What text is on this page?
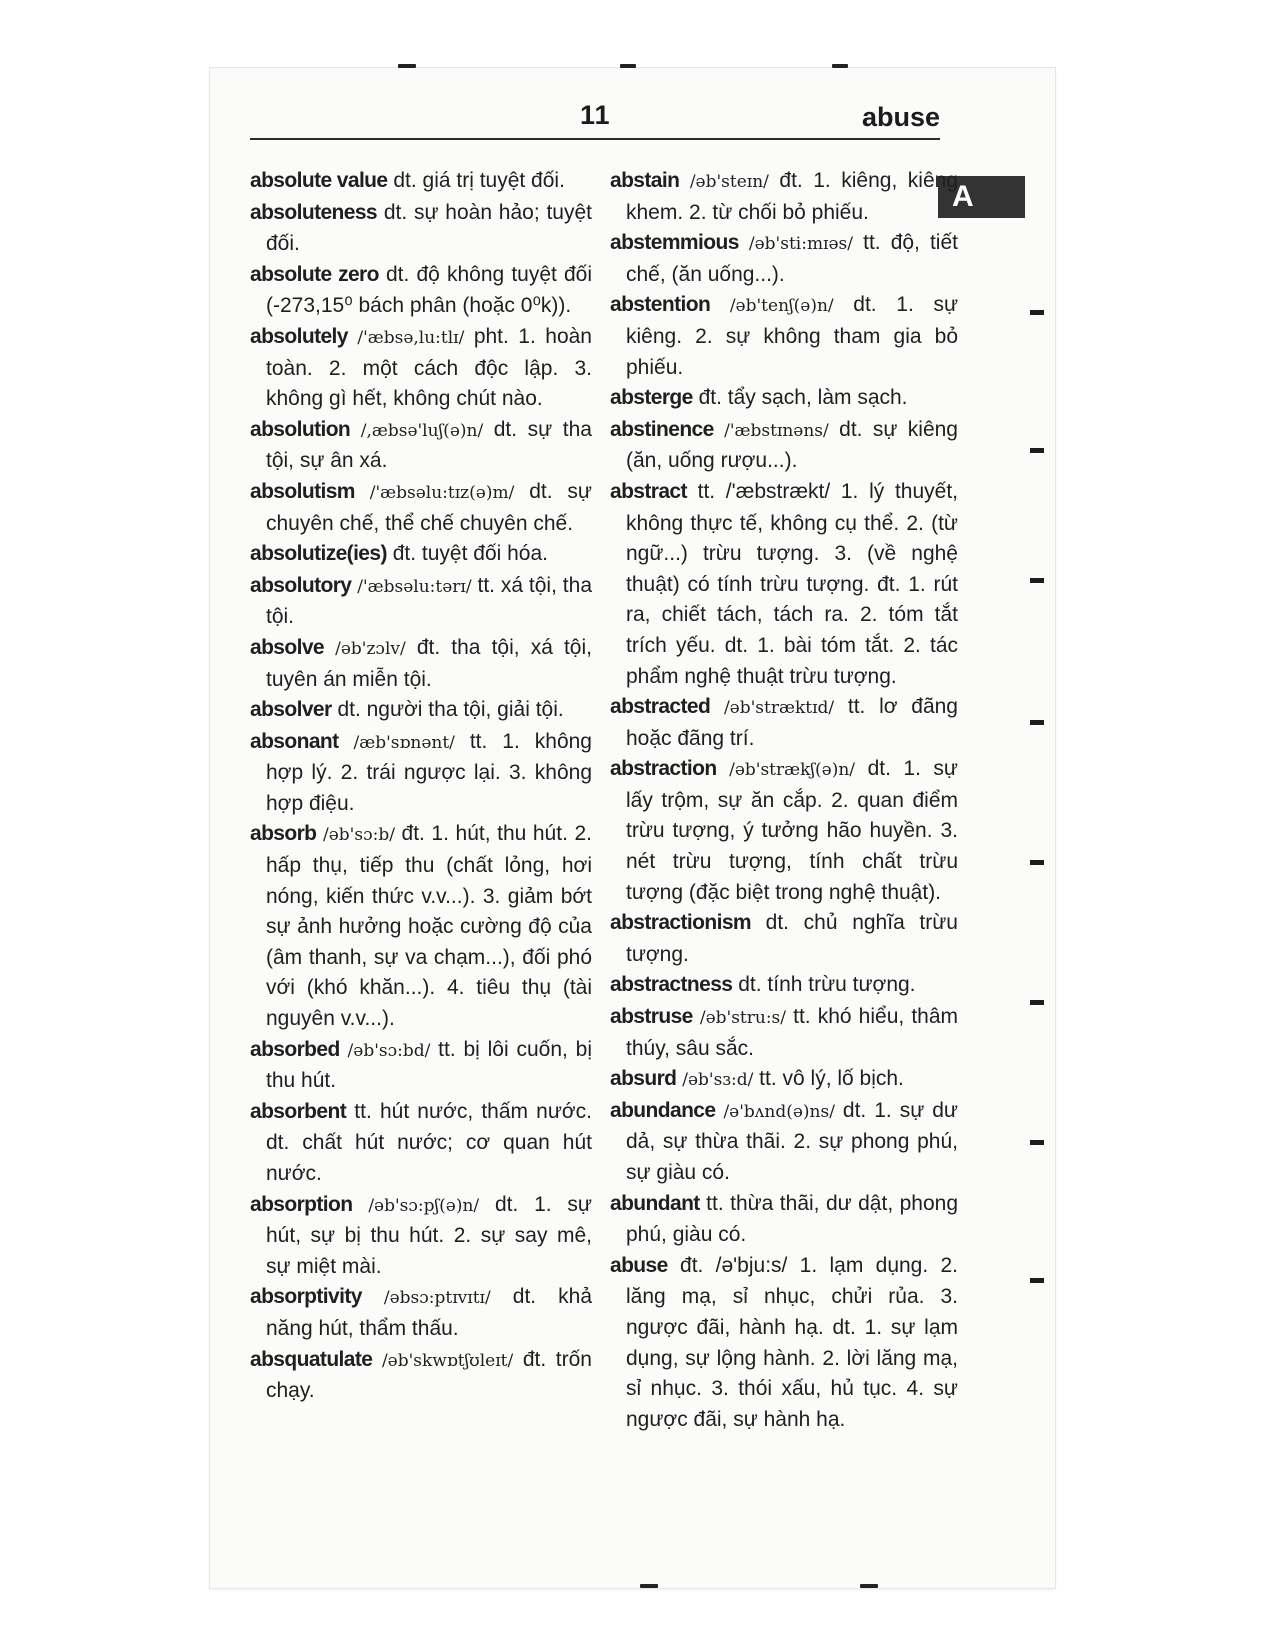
11	abuse
A

absolute value dt. giá trị tuyệt đối.

absoluteness dt. sự hoàn hảo; tuyệt đối.

absolute zero dt. độ không tuyệt đối (-273,15⁰ bách phân (hoặc 0⁰k)).

absolutely /'æbsə,lu:tlɪ/ pht. 1. hoàn toàn. 2. một cách độc lập. 3. không gì hết, không chút nào.

absolution /,æbsə'luʃ(ə)n/ dt. sự tha tội, sự ân xá.

absolutism /'æbsəlu:tɪz(ə)m/ dt. sự chuyên chế, thể chế chuyên chế.

absolutize(ies) đt. tuyệt đối hóa.

absolutory /'æbsəlu:tərɪ/ tt. xá tội, tha tội.

absolve /əb'zɔlv/ đt. tha tội, xá tội, tuyên án miễn tội.

absolver dt. người tha tội, giải tội.

absonant /æb'sɒnənt/ tt. 1. không hợp lý. 2. trái ngược lại. 3. không hợp điệu.

absorb /əb'sɔ:b/ đt. 1. hút, thu hút. 2. hấp thụ, tiếp thu (chất lỏng, hơi nóng, kiến thức v.v...). 3. giảm bớt sự ảnh hưởng hoặc cường độ của (âm thanh, sự va chạm...), đối phó với (khó khăn...). 4. tiêu thụ (tài nguyên v.v...).

absorbed /əb'sɔ:bd/ tt. bị lôi cuốn, bị thu hút.

absorbent tt. hút nước, thấm nước. dt. chất hút nước; cơ quan hút nước.

absorption /əb'sɔ:pʃ(ə)n/ dt. 1. sự hút, sự bị thu hút. 2. sự say mê, sự miệt mài.

absorptivity /əbsɔ:ptɪvɪtɪ/ dt. khả năng hút, thẩm thấu.

absquatulate /əb'skwɒtʃʊleɪt/ đt. trốn chạy.

abstain /əb'steɪn/ đt. 1. kiêng, kiêng khem. 2. từ chối bỏ phiếu.

abstemmious /əb'sti:mɪəs/ tt. độ, tiết chế, (ăn uống...).

abstention /əb'tenʃ(ə)n/ dt. 1. sự kiêng. 2. sự không tham gia bỏ phiếu.

absterge đt. tẩy sạch, làm sạch.

abstinence /'æbstɪnəns/ dt. sự kiêng (ăn, uống rượu...).

abstract tt. /'æbstrækt/ 1. lý thuyết, không thực tế, không cụ thể. 2. (từ ngữ...) trừu tượng. 3. (về nghệ thuật) có tính trừu tượng. đt. 1. rút ra, chiết tách, tách ra. 2. tóm tắt trích yếu. dt. 1. bài tóm tắt. 2. tác phẩm nghệ thuật trừu tượng.

abstracted /əb'stræktɪd/ tt. lơ đãng hoặc đãng trí.

abstraction /əb'strækʃ(ə)n/ dt. 1. sự lấy trộm, sự ăn cắp. 2. quan điểm trừu tượng, ý tưởng hão huyền. 3. nét trừu tượng, tính chất trừu tượng (đặc biệt trong nghệ thuật).

abstractionism dt. chủ nghĩa trừu tượng.

abstractness dt. tính trừu tượng.

abstruse /əb'stru:s/ tt. khó hiểu, thâm thúy, sâu sắc.

absurd /əb'sɜ:d/ tt. vô lý, lố bịch.

abundance /ə'bʌnd(ə)ns/ dt. 1. sự dư dả, sự thừa thãi. 2. sự phong phú, sự giàu có.

abundant tt. thừa thãi, dư dật, phong phú, giàu có.

abuse đt. /ə'bju:s/ 1. lạm dụng. 2. lăng mạ, sỉ nhục, chửi rủa. 3. ngược đãi, hành hạ. dt. 1. sự lạm dụng, sự lộng hành. 2. lời lăng mạ, sỉ nhục. 3. thói xấu, hủ tục. 4. sự ngược đãi, sự hành hạ.
